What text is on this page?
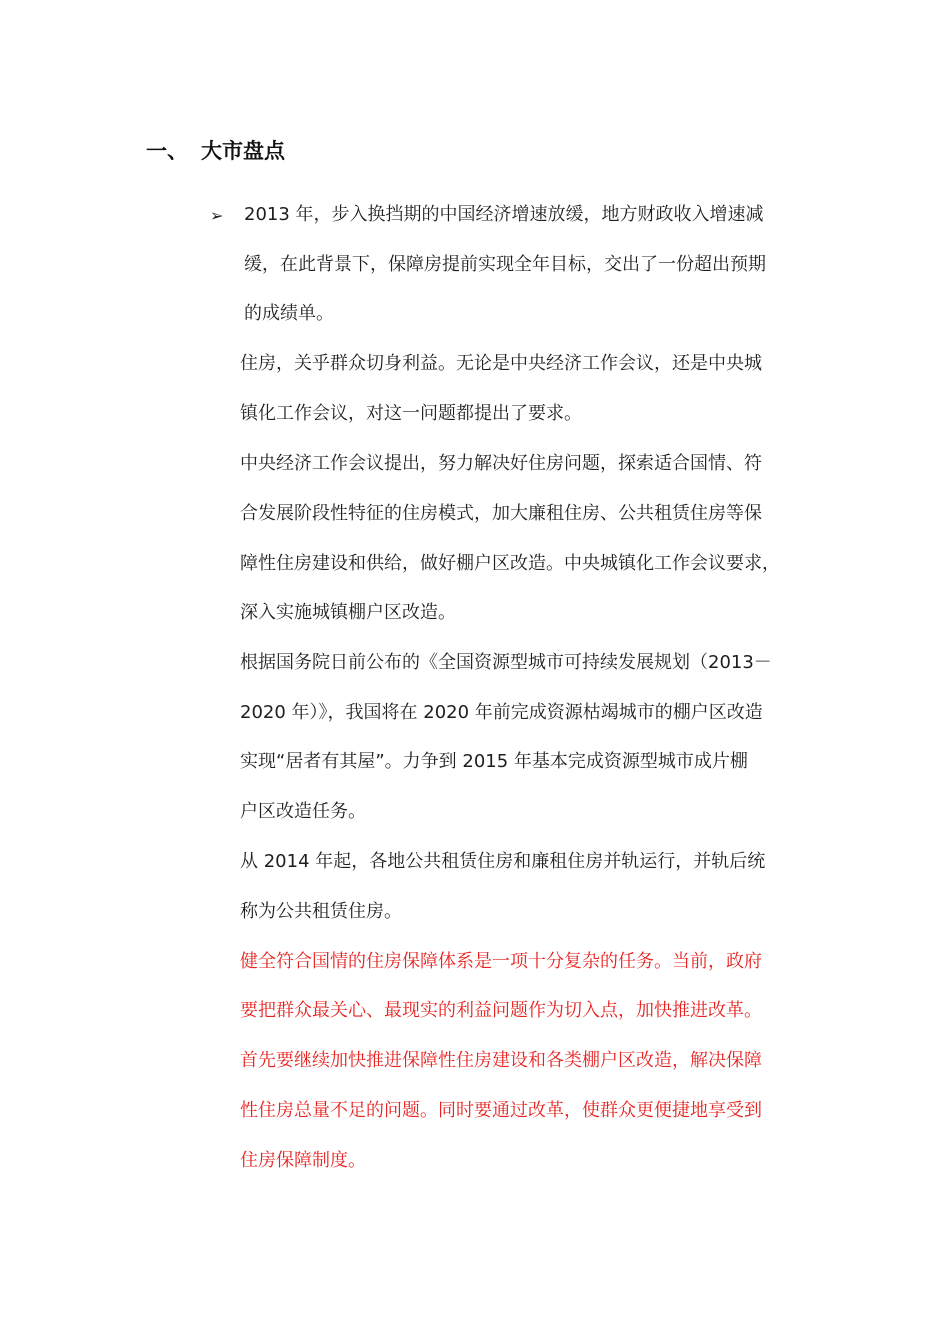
一、 大市盘点
➢ 2013 年，步入换挡期的中国经济增速放缓，地方财政收入增速减
缓，在此背景下，保障房提前实现全年目标，交出了一份超出预期
的成绩单。
住房，关乎群众切身利益。无论是中央经济工作会议，还是中央城
镇化工作会议，对这一问题都提出了要求。
中央经济工作会议提出，努力解决好住房问题，探索适合国情、符
合发展阶段性特征的住房模式，加大廉租住房、公共租赁住房等保
障性住房建设和供给，做好棚户区改造。中央城镇化工作会议要求，
深入实施城镇棚户区改造。
根据国务院日前公布的《全国资源型城市可持续发展规划（2013－
2020 年）》，我国将在 2020 年前完成资源枯竭城市的棚户区改造
实现“居者有其屋”。力争到 2015 年基本完成资源型城市成片棚
户区改造任务。
从 2014 年起，各地公共租赁住房和廉租住房并轨运行，并轨后统
称为公共租赁住房。
健全符合国情的住房保障体系是一项十分复杂的任务。当前，政府
要把群众最关心、最现实的利益问题作为切入点，加快推进改革。
首先要继续加快推进保障性住房建设和各类棚户区改造，解决保障
性住房总量不足的问题。同时要通过改革，使群众更便捷地享受到
住房保障制度。
